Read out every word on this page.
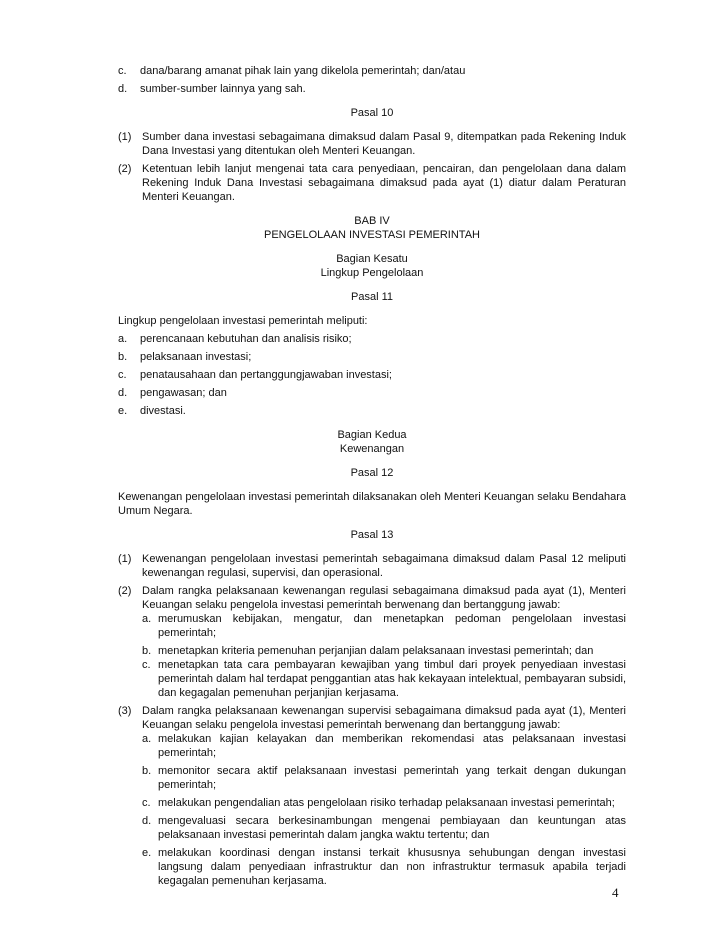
c.	dana/barang amanat pihak lain yang dikelola pemerintah; dan/atau
d.	sumber-sumber lainnya yang sah.
Pasal 10
(1) Sumber dana investasi sebagaimana dimaksud dalam Pasal 9, ditempatkan pada Rekening Induk Dana Investasi yang ditentukan oleh Menteri Keuangan.
(2) Ketentuan lebih lanjut mengenai tata cara penyediaan, pencairan, dan pengelolaan dana dalam Rekening Induk Dana Investasi sebagaimana dimaksud pada ayat (1) diatur dalam Peraturan Menteri Keuangan.
BAB IV
PENGELOLAAN INVESTASI PEMERINTAH
Bagian Kesatu
Lingkup Pengelolaan
Pasal 11
Lingkup pengelolaan investasi pemerintah meliputi:
a.	perencanaan kebutuhan dan analisis risiko;
b.	pelaksanaan investasi;
c.	penatausahaan dan pertanggungjawaban investasi;
d.	pengawasan; dan
e.	divestasi.
Bagian Kedua
Kewenangan
Pasal 12
Kewenangan pengelolaan investasi pemerintah dilaksanakan oleh Menteri Keuangan selaku Bendahara Umum Negara.
Pasal 13
(1) Kewenangan pengelolaan investasi pemerintah sebagaimana dimaksud dalam Pasal 12 meliputi kewenangan regulasi, supervisi, dan operasional.
(2) Dalam rangka pelaksanaan kewenangan regulasi sebagaimana dimaksud pada ayat (1), Menteri Keuangan selaku pengelola investasi pemerintah berwenang dan bertanggung jawab:
a. merumuskan kebijakan, mengatur, dan menetapkan pedoman pengelolaan investasi pemerintah;
b. menetapkan kriteria pemenuhan perjanjian dalam pelaksanaan investasi pemerintah; dan
c. menetapkan tata cara pembayaran kewajiban yang timbul dari proyek penyediaan investasi pemerintah dalam hal terdapat penggantian atas hak kekayaan intelektual, pembayaran subsidi, dan kegagalan pemenuhan perjanjian kerjasama.
(3) Dalam rangka pelaksanaan kewenangan supervisi sebagaimana dimaksud pada ayat (1), Menteri Keuangan selaku pengelola investasi pemerintah berwenang dan bertanggung jawab:
a. melakukan kajian kelayakan dan memberikan rekomendasi atas pelaksanaan investasi pemerintah;
b. memonitor secara aktif pelaksanaan investasi pemerintah yang terkait dengan dukungan pemerintah;
c. melakukan pengendalian atas pengelolaan risiko terhadap pelaksanaan investasi pemerintah;
d. mengevaluasi secara berkesinambungan mengenai pembiayaan dan keuntungan atas pelaksanaan investasi pemerintah dalam jangka waktu tertentu; dan
e. melakukan koordinasi dengan instansi terkait khususnya sehubungan dengan investasi langsung dalam penyediaan infrastruktur dan non infrastruktur termasuk apabila terjadi kegagalan pemenuhan kerjasama.
4
